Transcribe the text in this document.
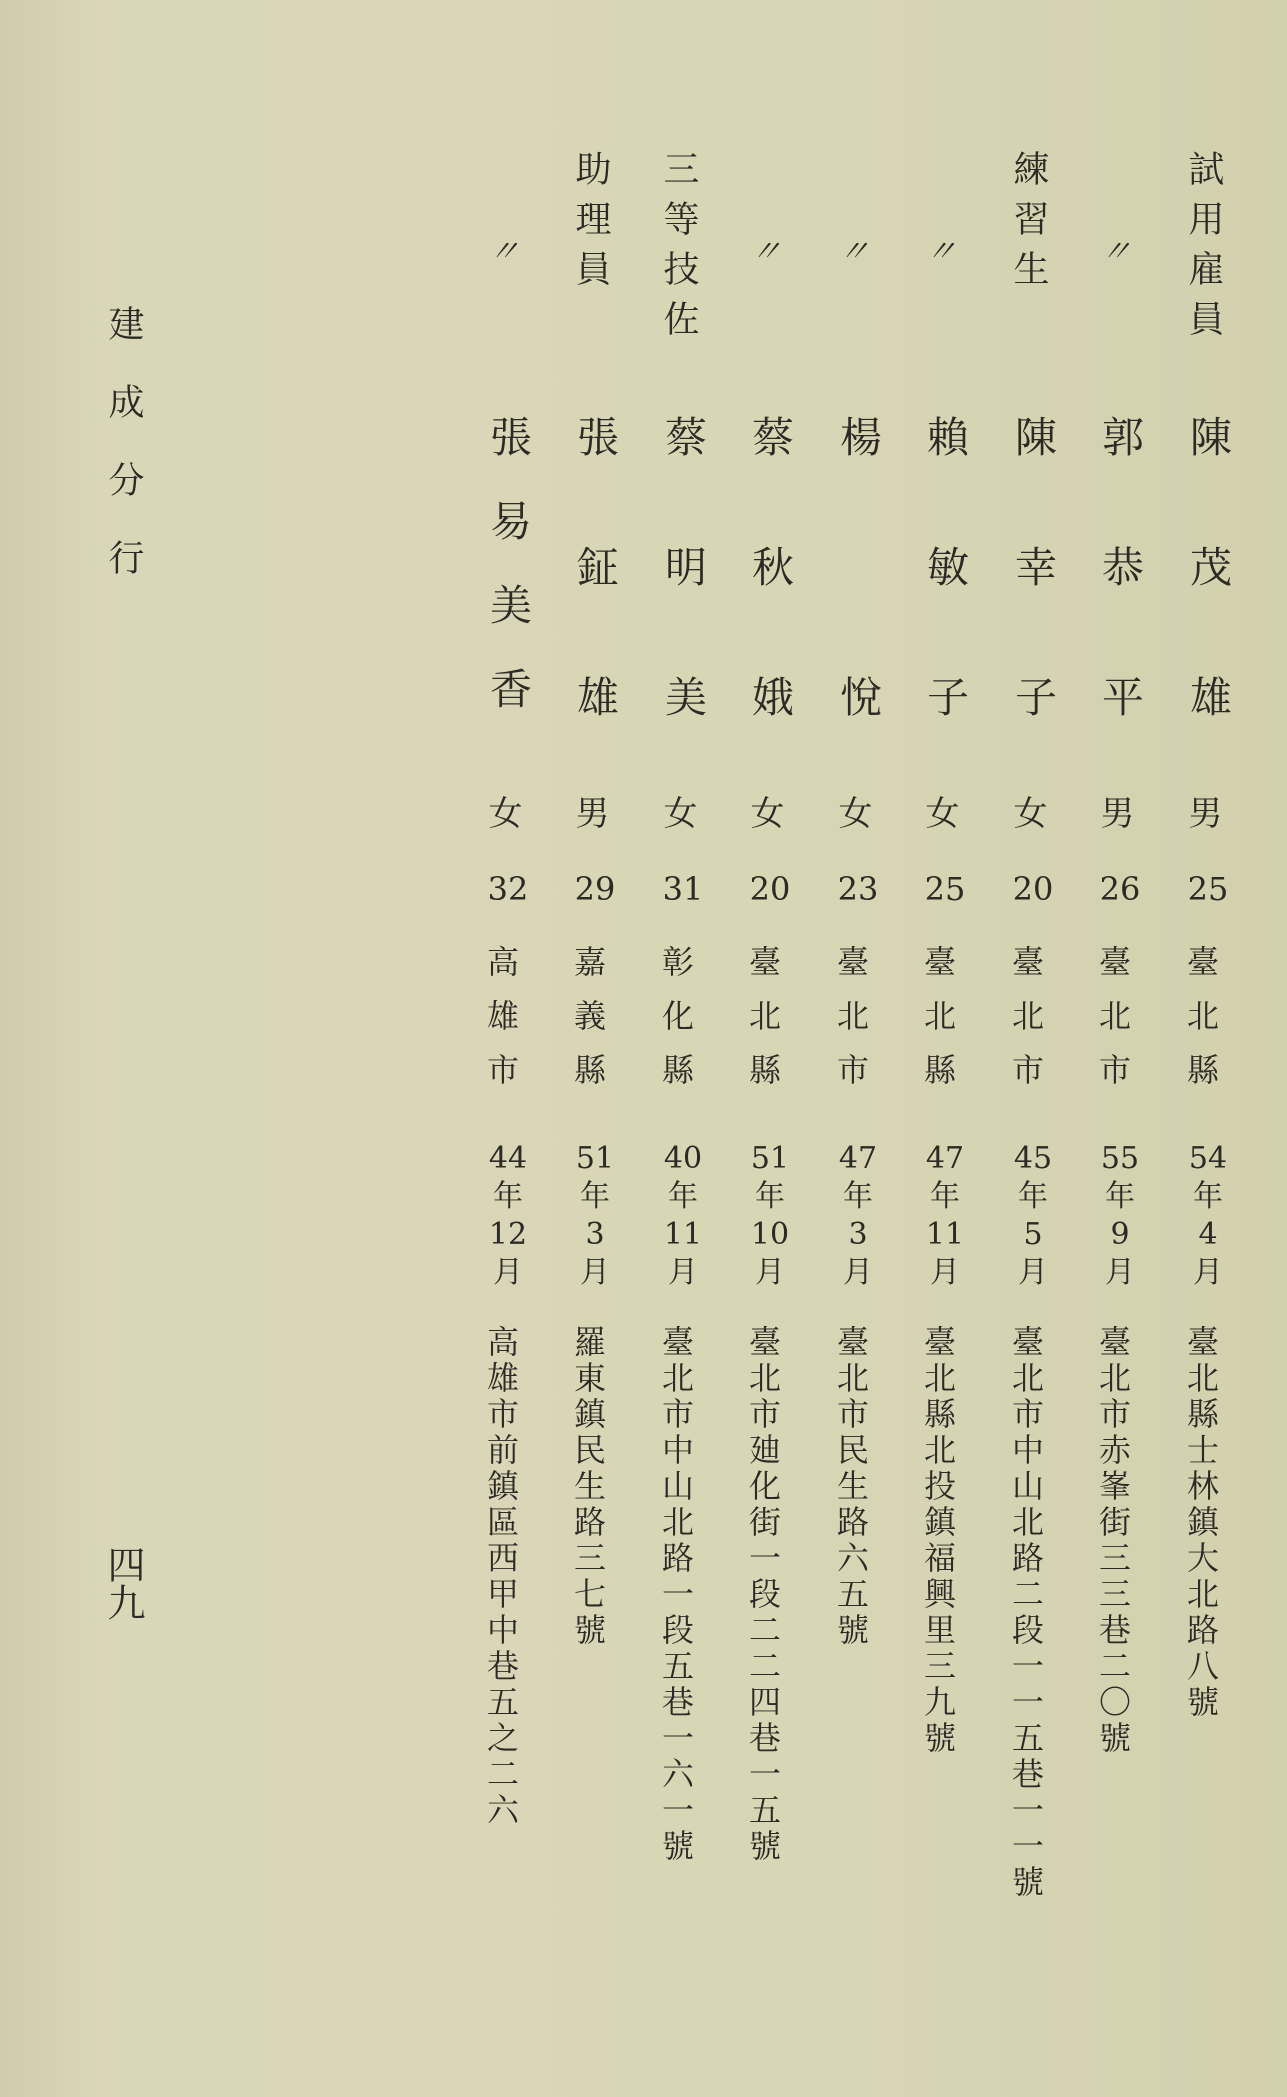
建成分行
四九
試用雇員
陳茂雄
男
25
臺北縣
54
年
4
月
臺北縣士林鎮大北路八號
〃
郭恭平
男
26
臺北市
55
年
9
月
臺北市赤峯街三三巷二〇號
練習生
陳幸子
女
20
臺北市
45
年
5
月
臺北市中山北路二段一一五巷一一號
〃
賴敏子
女
25
臺北縣
47
年
11
月
臺北縣北投鎮福興里三九號
〃
楊　悅
女
23
臺北市
47
年
3
月
臺北市民生路六五號
〃
蔡秋娥
女
20
臺北縣
51
年
10
月
臺北市廸化街一段二二四巷一五號
三等技佐
蔡明美
女
31
彰化縣
40
年
11
月
臺北市中山北路一段五巷一六一號
助理員
張鉦雄
男
29
嘉義縣
51
年
3
月
羅東鎮民生路三七號
〃
張易美香
女
32
高雄市
44
年
12
月
高雄市前鎮區西甲中巷五之二六
